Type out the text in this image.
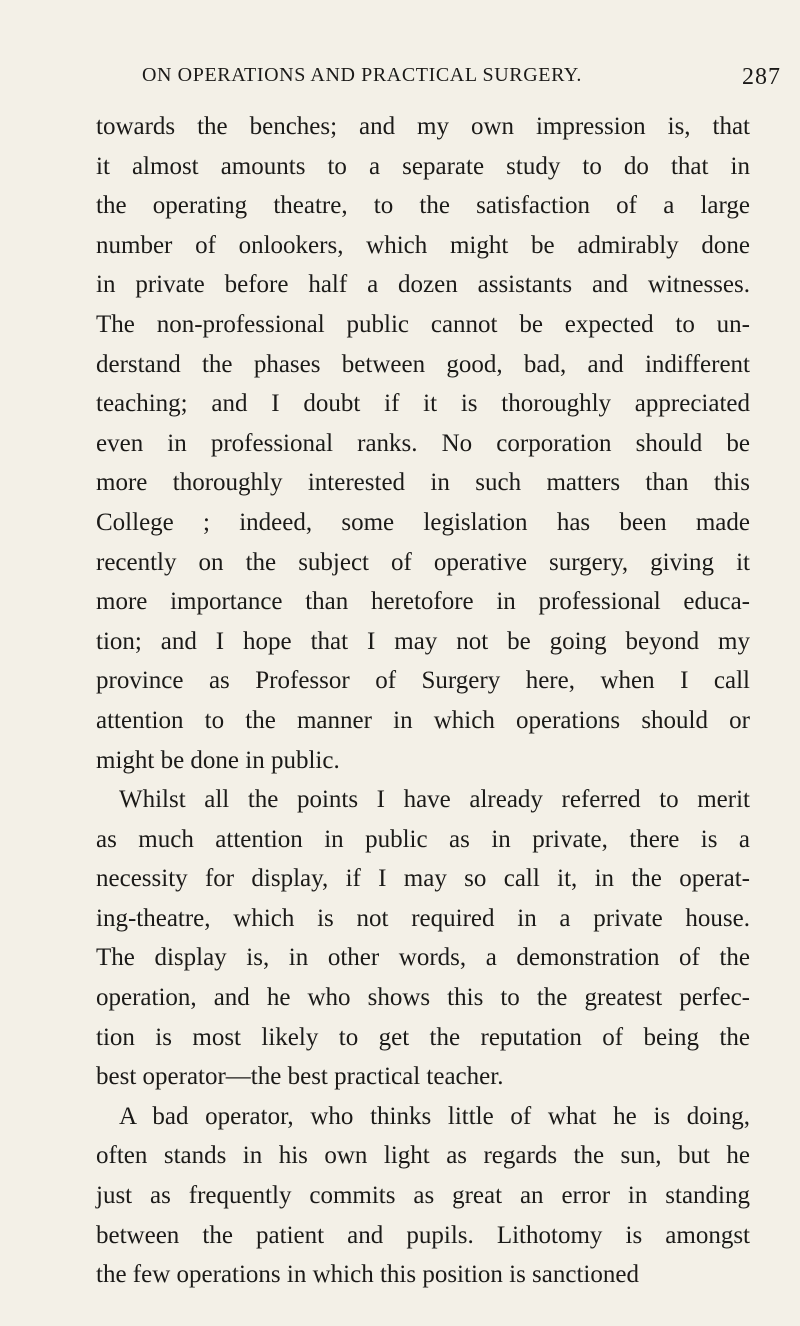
ON OPERATIONS AND PRACTICAL SURGERY.	287
towards the benches; and my own impression is, that
it almost amounts to a separate study to do that in
the operating theatre, to the satisfaction of a large
number of onlookers, which might be admirably done
in private before half a dozen assistants and witnesses.
The non-professional public cannot be expected to un-
derstand the phases between good, bad, and indifferent
teaching; and I doubt if it is thoroughly appreciated
even in professional ranks. No corporation should be
more thoroughly interested in such matters than this
College ; indeed, some legislation has been made
recently on the subject of operative surgery, giving it
more importance than heretofore in professional educa-
tion; and I hope that I may not be going beyond my
province as Professor of Surgery here, when I call
attention to the manner in which operations should or
might be done in public.
Whilst all the points I have already referred to merit
as much attention in public as in private, there is a
necessity for display, if I may so call it, in the operat-
ing-theatre, which is not required in a private house.
The display is, in other words, a demonstration of the
operation, and he who shows this to the greatest perfec-
tion is most likely to get the reputation of being the
best operator—the best practical teacher.
A bad operator, who thinks little of what he is doing,
often stands in his own light as regards the sun, but he
just as frequently commits as great an error in standing
between the patient and pupils. Lithotomy is amongst
the few operations in which this position is sanctioned
